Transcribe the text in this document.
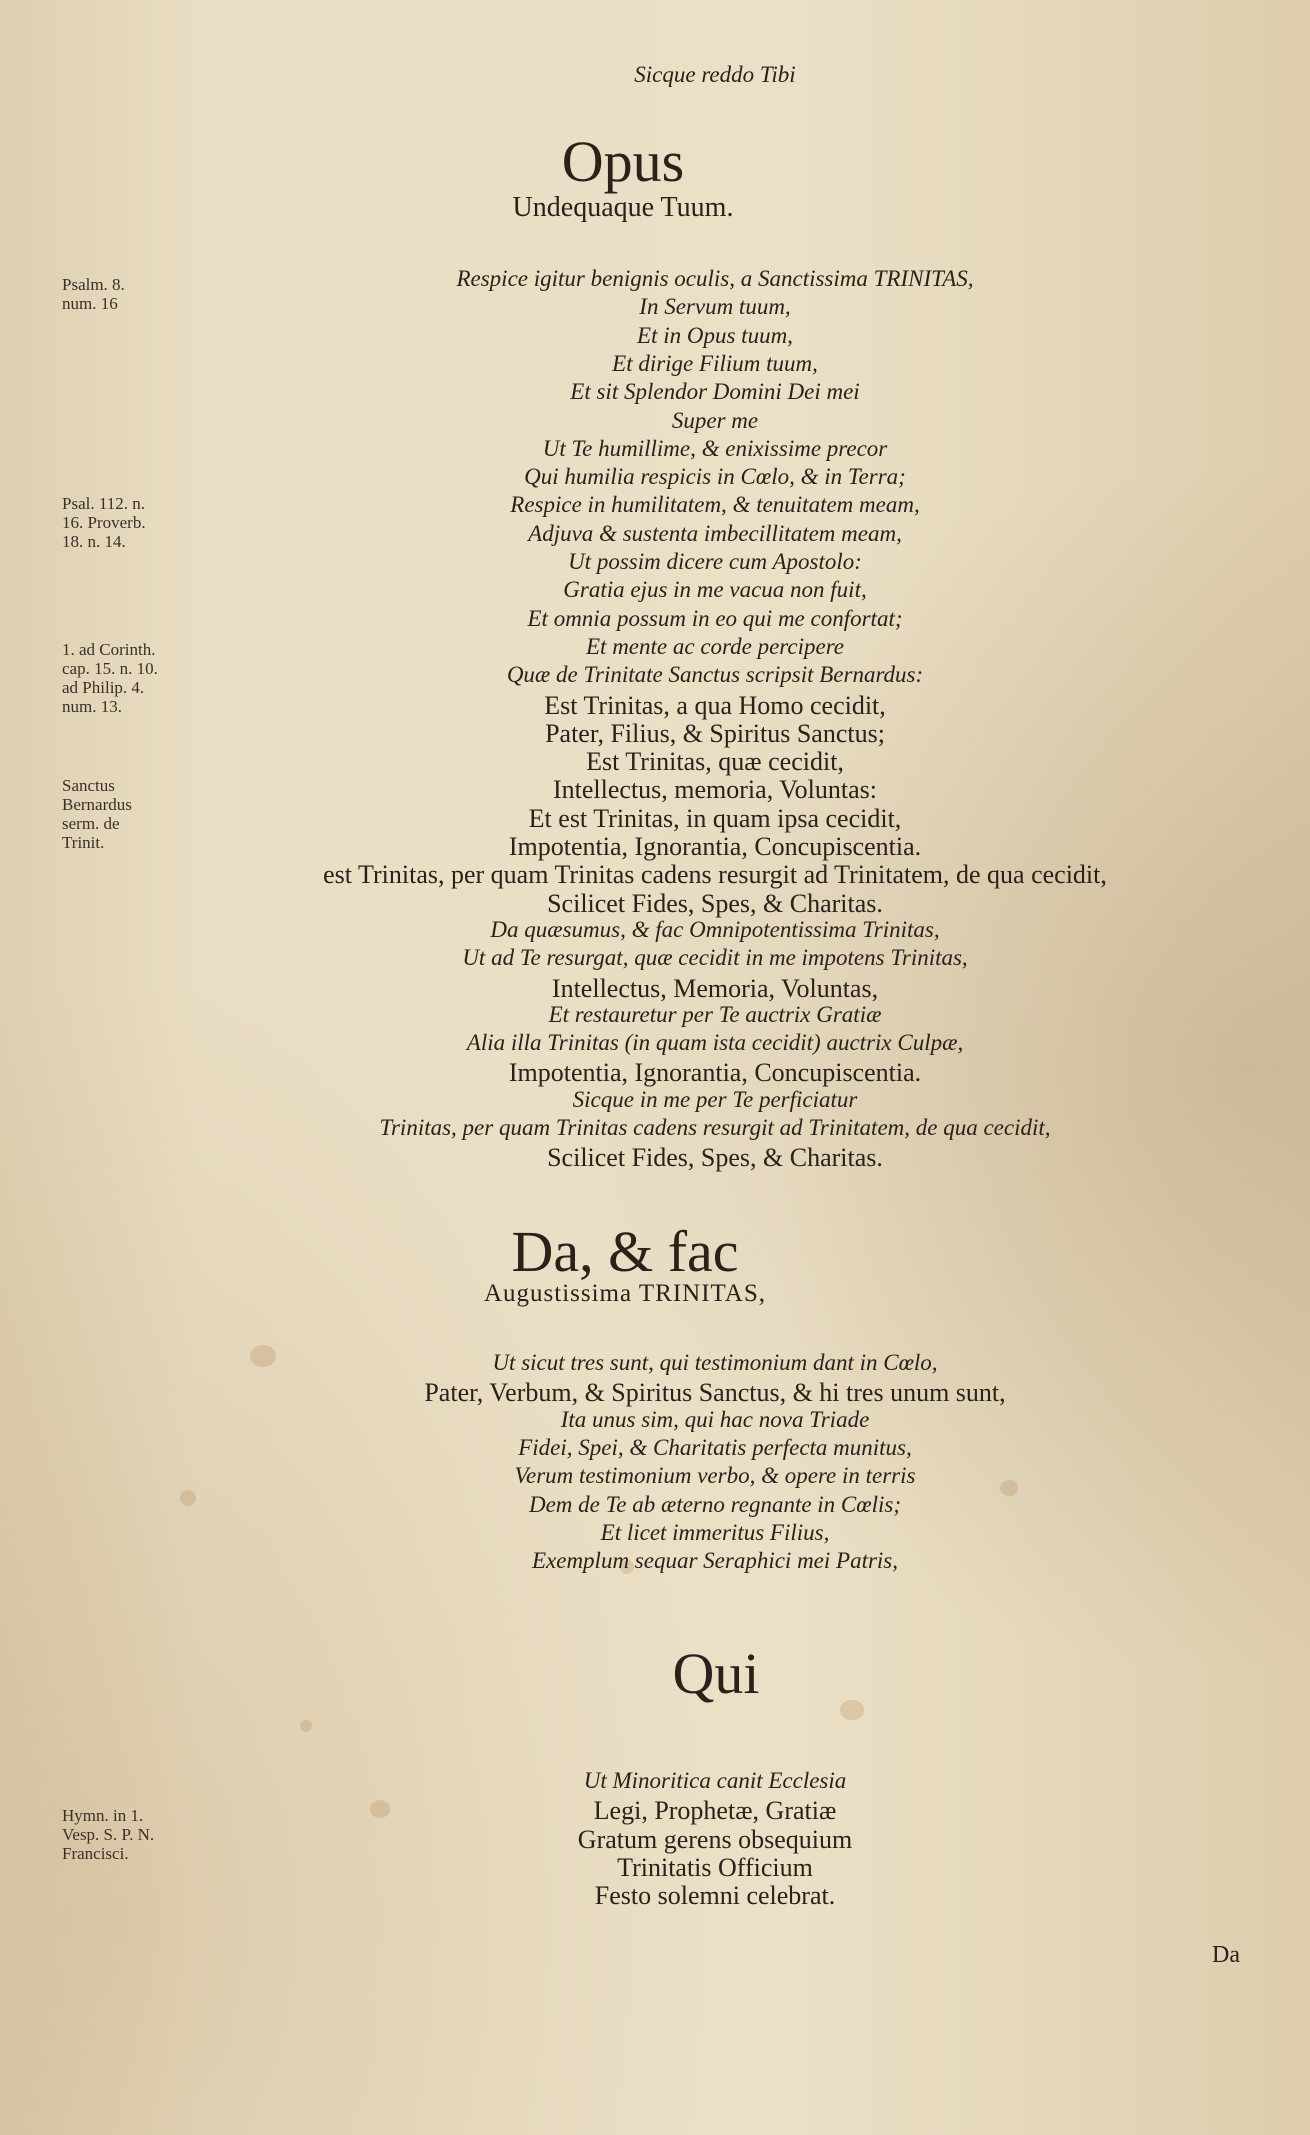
Sicque reddo Tibi
Opus
Undequaque Tuum.
Respice igitur benignis oculis, a Sanctissima TRINITAS,
In Servum tuum,
Et in Opus tuum,
Et dirige Filium tuum,
Et sit Splendor Domini Dei mei
Super me
Ut Te humillime, & enixissime precor
Qui humilia respicis in Cœlo, & in Terra;
Respice in humilitatem, & tenuitatem meam,
Adjuva & sustenta imbecillitatem meam,
Ut possim dicere cum Apostolo:
Gratia ejus in me vacua non fuit,
Et omnia possum in eo qui me confortat;
Et mente ac corde percipere
Quæ de Trinitate Sanctus scripsit Bernardus:
Est Trinitas, a qua Homo cecidit,
Pater, Filius, & Spiritus Sanctus;
Est Trinitas, quæ cecidit,
Intellectus, memoria, Voluntas:
Et est Trinitas, in quam ipsa cecidit,
Impotentia, Ignorantia, Concupiscentia.
est Trinitas, per quam Trinitas cadens resurgit ad Trinitatem, de qua cecidit,
Scilicet Fides, Spes, & Charitas.
Da quæsumus, & fac Omnipotentissima Trinitas,
Ut ad Te resurgat, quæ cecidit in me impotens Trinitas,
Intellectus, Memoria, Voluntas,
Et restauretur per Te auctrix Gratiæ
Alia illa Trinitas (in quam ista cecidit) auctrix Culpæ,
Impotentia, Ignorantia, Concupiscentia.
Sicque in me per Te perficiatur
Trinitas, per quam Trinitas cadens resurgit ad Trinitatem, de qua cecidit,
Scilicet Fides, Spes, & Charitas.
Da, & fac
Augustissima TRINITAS,
Ut sicut tres sunt, qui testimonium dant in Cœlo,
Pater, Verbum, & Spiritus Sanctus, & hi tres unum sunt,
Ita unus sim, qui hac nova Triade
Fidei, Spei, & Charitatis perfecta munitus,
Verum testimonium verbo, & opere in terris
Dem de Te ab æterno regnante in Cœlis;
Et licet immeritus Filius,
Exemplum sequar Seraphici mei Patris,
Qui
Ut Minoritica canit Ecclesia
Legi, Prophetæ, Gratiæ
Gratum gerens obsequium
Trinitatis Officium
Festo solemni celebrat.
Psalm. 8. num. 16
Psal. 112. n. 16. Proverb. 18. n. 14.
1. ad Corinth. cap. 15. n. 10. ad Philip. 4. num. 13.
Sanctus Bernardus serm. de Trinit.
Hymn. in 1. Vesp. S. P. N. Francisci.
Da
